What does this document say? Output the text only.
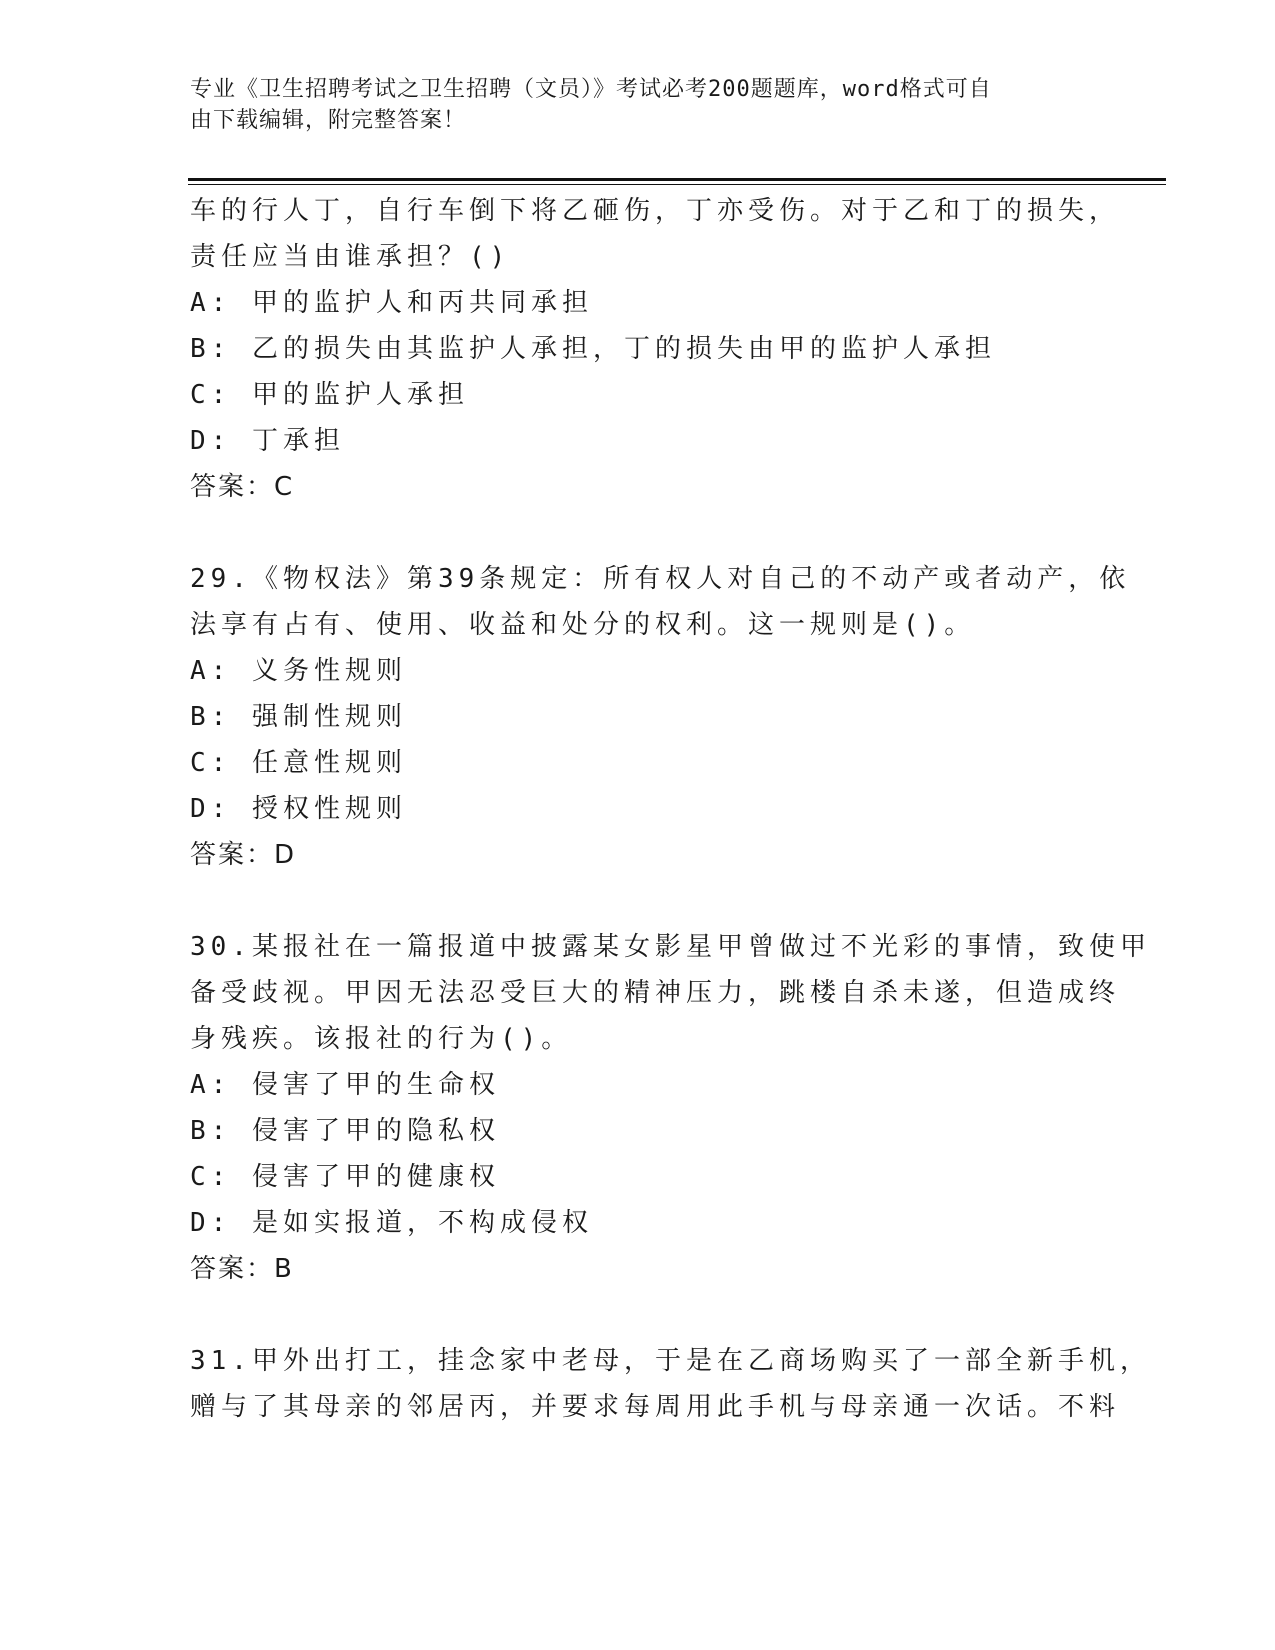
专业《卫生招聘考试之卫生招聘（文员）》考试必考200题题库，word格式可自
由下载编辑，附完整答案！
车的行人丁，自行车倒下将乙砸伤，丁亦受伤。对于乙和丁的损失，
责任应当由谁承担？()
A: 甲的监护人和丙共同承担
B: 乙的损失由其监护人承担，丁的损失由甲的监护人承担
C: 甲的监护人承担
D: 丁承担
答案：C
29.《物权法》第39条规定：所有权人对自己的不动产或者动产，依
法享有占有、使用、收益和处分的权利。这一规则是()。
A: 义务性规则
B: 强制性规则
C: 任意性规则
D: 授权性规则
答案：D
30.某报社在一篇报道中披露某女影星甲曾做过不光彩的事情，致使甲
备受歧视。甲因无法忍受巨大的精神压力，跳楼自杀未遂，但造成终
身残疾。该报社的行为()。
A: 侵害了甲的生命权
B: 侵害了甲的隐私权
C: 侵害了甲的健康权
D: 是如实报道，不构成侵权
答案：B
31.甲外出打工，挂念家中老母，于是在乙商场购买了一部全新手机，
赠与了其母亲的邻居丙，并要求每周用此手机与母亲通一次话。不料
